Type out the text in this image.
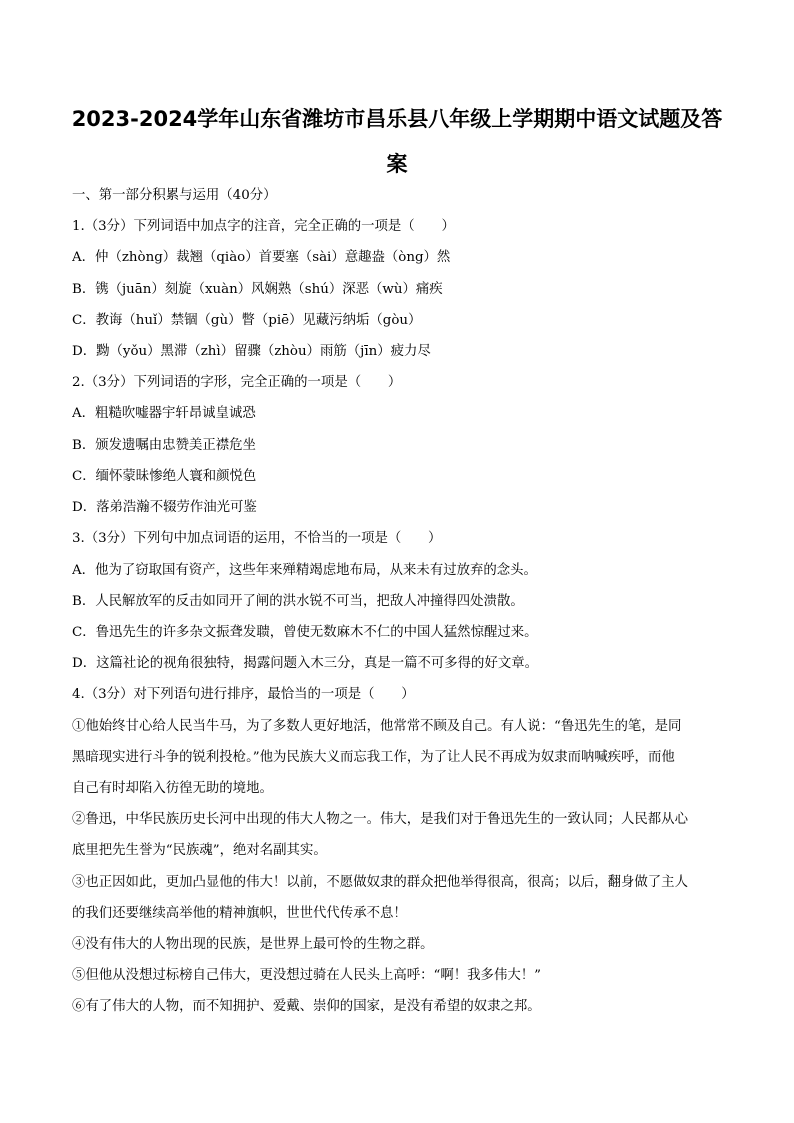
2023-2024学年山东省潍坊市昌乐县八年级上学期期中语文试题及答
案
一、第一部分积累与运用（40分）
1.（3分）下列词语中加点字的注音，完全正确的一项是（　　）
A．仲（zhòng）裁翘（qiào）首要塞（sài）意趣盎（òng）然
B．镌（juān）刻旋（xuàn）风娴熟（shú）深恶（wù）痛疾
C．教诲（huǐ）禁锢（gù）瞥（piē）见藏污纳垢（gòu）
D．黝（yǒu）黑滞（zhì）留骤（zhòu）雨筋（jīn）疲力尽
2.（3分）下列词语的字形，完全正确的一项是（　　）
A．粗糙吹嘘器宇轩昂诚皇诚恐
B．颁发遗嘱由忠赞美正襟危坐
C．缅怀蒙昧惨绝人寰和颜悦色
D．落弟浩瀚不辍劳作油光可鉴
3.（3分）下列句中加点词语的运用，不恰当的一项是（　　）
A．他为了窃取国有资产，这些年来殚精竭虑地布局，从来未有过放弃的念头。
B．人民解放军的反击如同开了闸的洪水锐不可当，把敌人冲撞得四处溃散。
C．鲁迅先生的许多杂文振聋发聩，曾使无数麻木不仁的中国人猛然惊醒过来。
D．这篇社论的视角很独特，揭露问题入木三分，真是一篇不可多得的好文章。
4.（3分）对下列语句进行排序，最恰当的一项是（　　）
①他始终甘心给人民当牛马，为了多数人更好地活，他常常不顾及自己。有人说：“鲁迅先生的笔，是同
黑暗现实进行斗争的锐利投枪。”他为民族大义而忘我工作，为了让人民不再成为奴隶而呐喊疾呼，而他
自己有时却陷入彷徨无助的境地。
②鲁迅，中华民族历史长河中出现的伟大人物之一。伟大，是我们对于鲁迅先生的一致认同；人民都从心
底里把先生誉为“民族魂”，绝对名副其实。
③也正因如此，更加凸显他的伟大！以前，不愿做奴隶的群众把他举得很高，很高；以后，翻身做了主人
的我们还要继续高举他的精神旗帜，世世代代传承不息！
④没有伟大的人物出现的民族，是世界上最可怜的生物之群。
⑤但他从没想过标榜自己伟大，更没想过骑在人民头上高呼：“啊！我多伟大！”
⑥有了伟大的人物，而不知拥护、爱戴、崇仰的国家，是没有希望的奴隶之邦。
